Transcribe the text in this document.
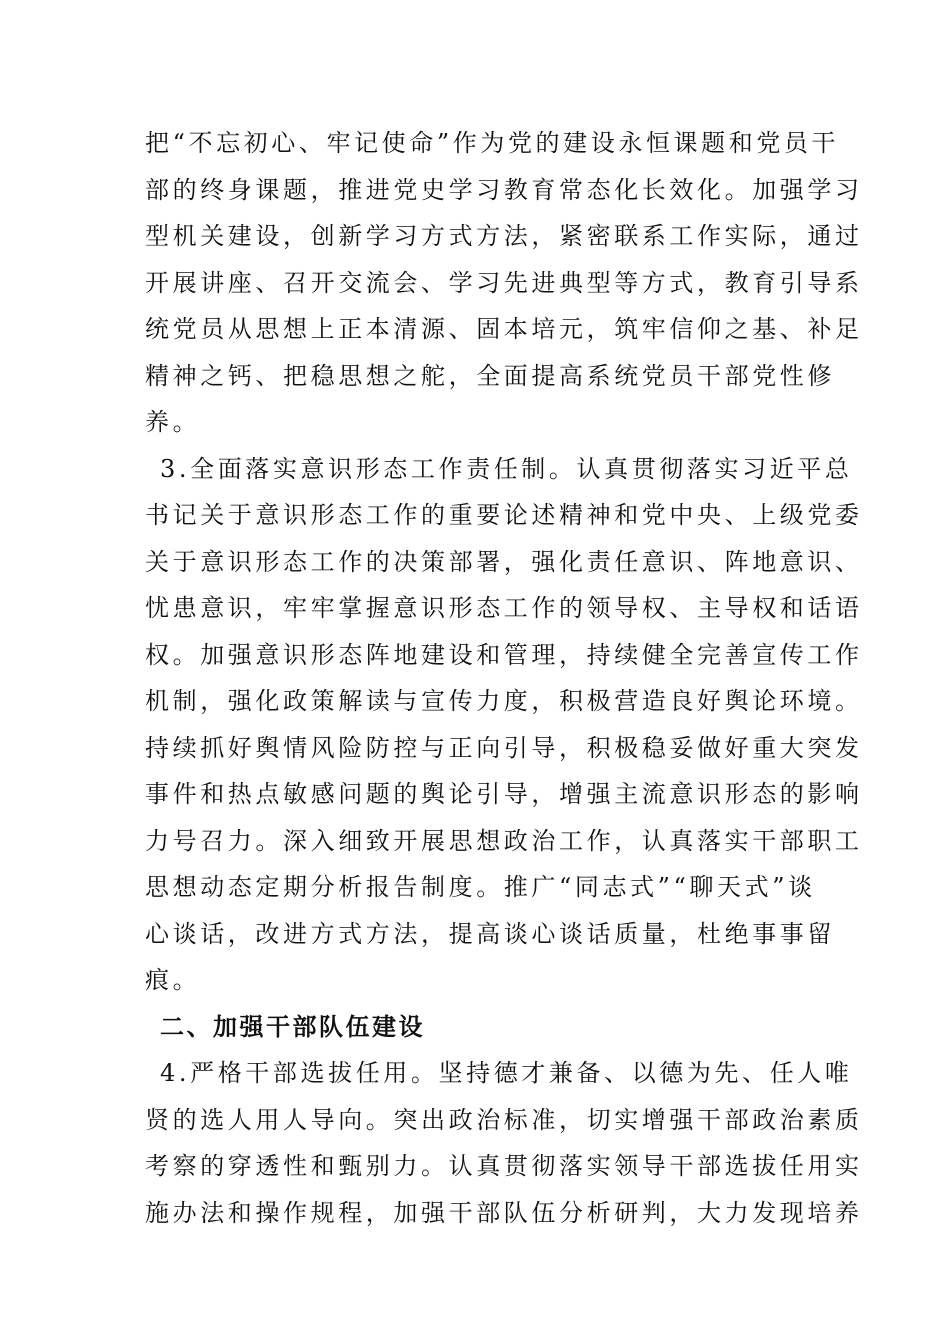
把“不忘初心、牢记使命”作为党的建设永恒课题和党员干
部的终身课题，推进党史学习教育常态化长效化。加强学习
型机关建设，创新学习方式方法，紧密联系工作实际，通过
开展讲座、召开交流会、学习先进典型等方式，教育引导系
统党员从思想上正本清源、固本培元，筑牢信仰之基、补足
精神之钙、把稳思想之舵，全面提高系统党员干部党性修
养。
3.全面落实意识形态工作责任制。认真贯彻落实习近平总
书记关于意识形态工作的重要论述精神和党中央、上级党委
关于意识形态工作的决策部署，强化责任意识、阵地意识、
忧患意识，牢牢掌握意识形态工作的领导权、主导权和话语
权。加强意识形态阵地建设和管理，持续健全完善宣传工作
机制，强化政策解读与宣传力度，积极营造良好舆论环境。
持续抓好舆情风险防控与正向引导，积极稳妥做好重大突发
事件和热点敏感问题的舆论引导，增强主流意识形态的影响
力号召力。深入细致开展思想政治工作，认真落实干部职工
思想动态定期分析报告制度。推广“同志式”“聊天式”谈
心谈话，改进方式方法，提高谈心谈话质量，杜绝事事留
痕。
二、加强干部队伍建设
4.严格干部选拔任用。坚持德才兼备、以德为先、任人唯
贤的选人用人导向。突出政治标准，切实增强干部政治素质
考察的穿透性和甄别力。认真贯彻落实领导干部选拔任用实
施办法和操作规程，加强干部队伍分析研判，大力发现培养
